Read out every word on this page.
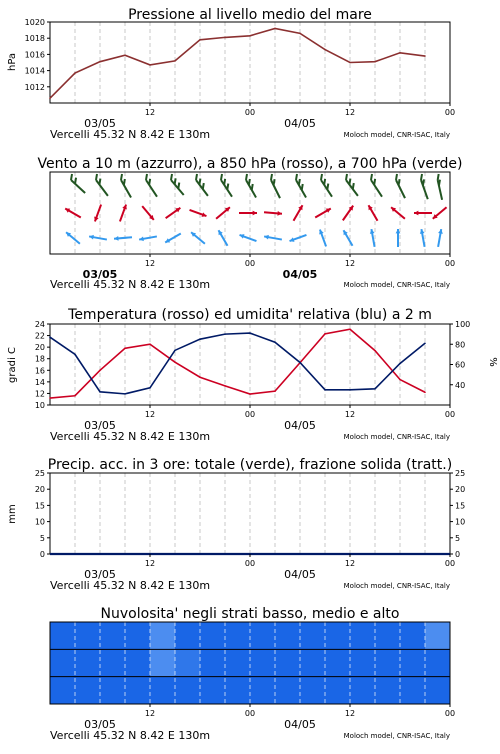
Pressione al livello medio del mare
hPa
1012
1014
1016
1018
1020
12	00	12	00
03/05	04/05
Vercelli 45.32 N 8.42 E 130m	Moloch model, CNR-ISAC, Italy
Vento a 10 m (azzurro), a 850 hPa (rosso), a 700 hPa (verde)
12	00	12	00
03/05	04/05
Vercelli 45.32 N 8.42 E 130m	Moloch model, CNR-ISAC, Italy
Temperatura (rosso) ed umidita' relativa (blu) a 2 m
gradi C	%
10
12
14
16
18
20
22
24
40
60
80
100
12	00	12	00
03/05	04/05
Vercelli 45.32 N 8.42 E 130m	Moloch model, CNR-ISAC, Italy
Precip. acc. in 3 ore: totale (verde), frazione solida (tratt.)
mm
0
5
10
15
20
25
0
5
10
15
20
25
12	00	12	00
03/05	04/05
Vercelli 45.32 N 8.42 E 130m	Moloch model, CNR-ISAC, Italy
Nuvolosita' negli strati basso, medio e alto
12	00	12	00
03/05	04/05
Vercelli 45.32 N 8.42 E 130m	Moloch model, CNR-ISAC, Italy
